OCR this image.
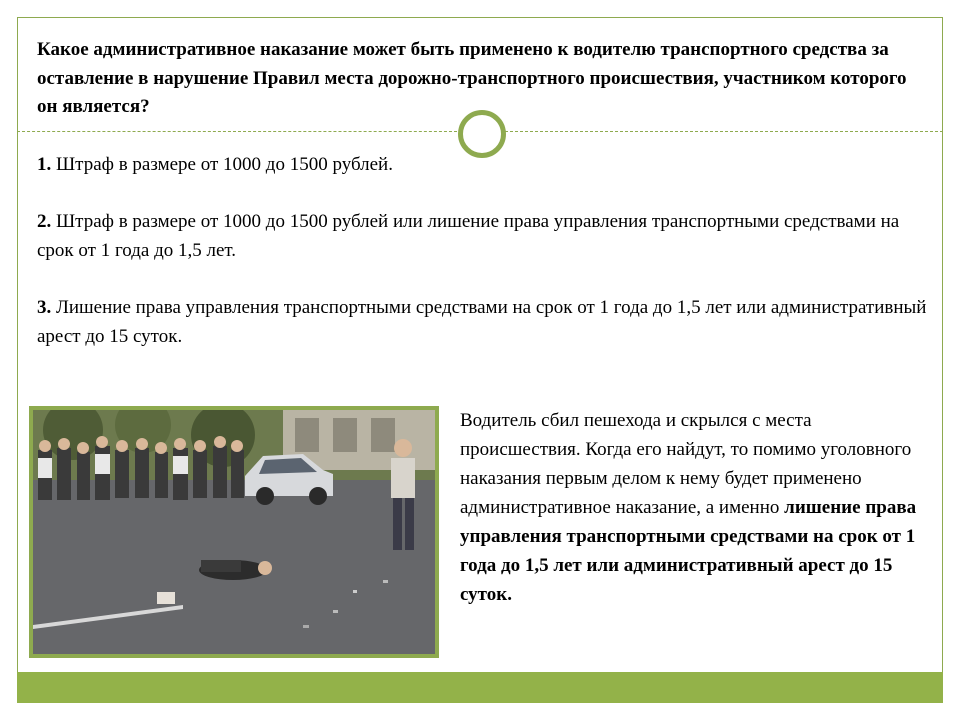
Какое административное наказание может быть применено к водителю транспортного средства за оставление в нарушение Правил места дорожно-транспортного происшествия, участником которого он является?

1. Штраф в размере от 1000 до 1500 рублей.

2. Штраф в размере от 1000 до 1500 рублей или лишение права управления транспортными средствами на срок от 1 года до 1,5 лет.

3. Лишение права управления транспортными средствами на срок от 1 года до 1,5 лет или административный арест до 15 суток.

Водитель сбил пешехода и скрылся с места происшествия. Когда его найдут, то помимо уголовного наказания первым делом к нему будет применено административное наказание, а именно лишение права управления транспортными средствами на срок от 1 года до 1,5 лет или административный арест до 15 суток.
